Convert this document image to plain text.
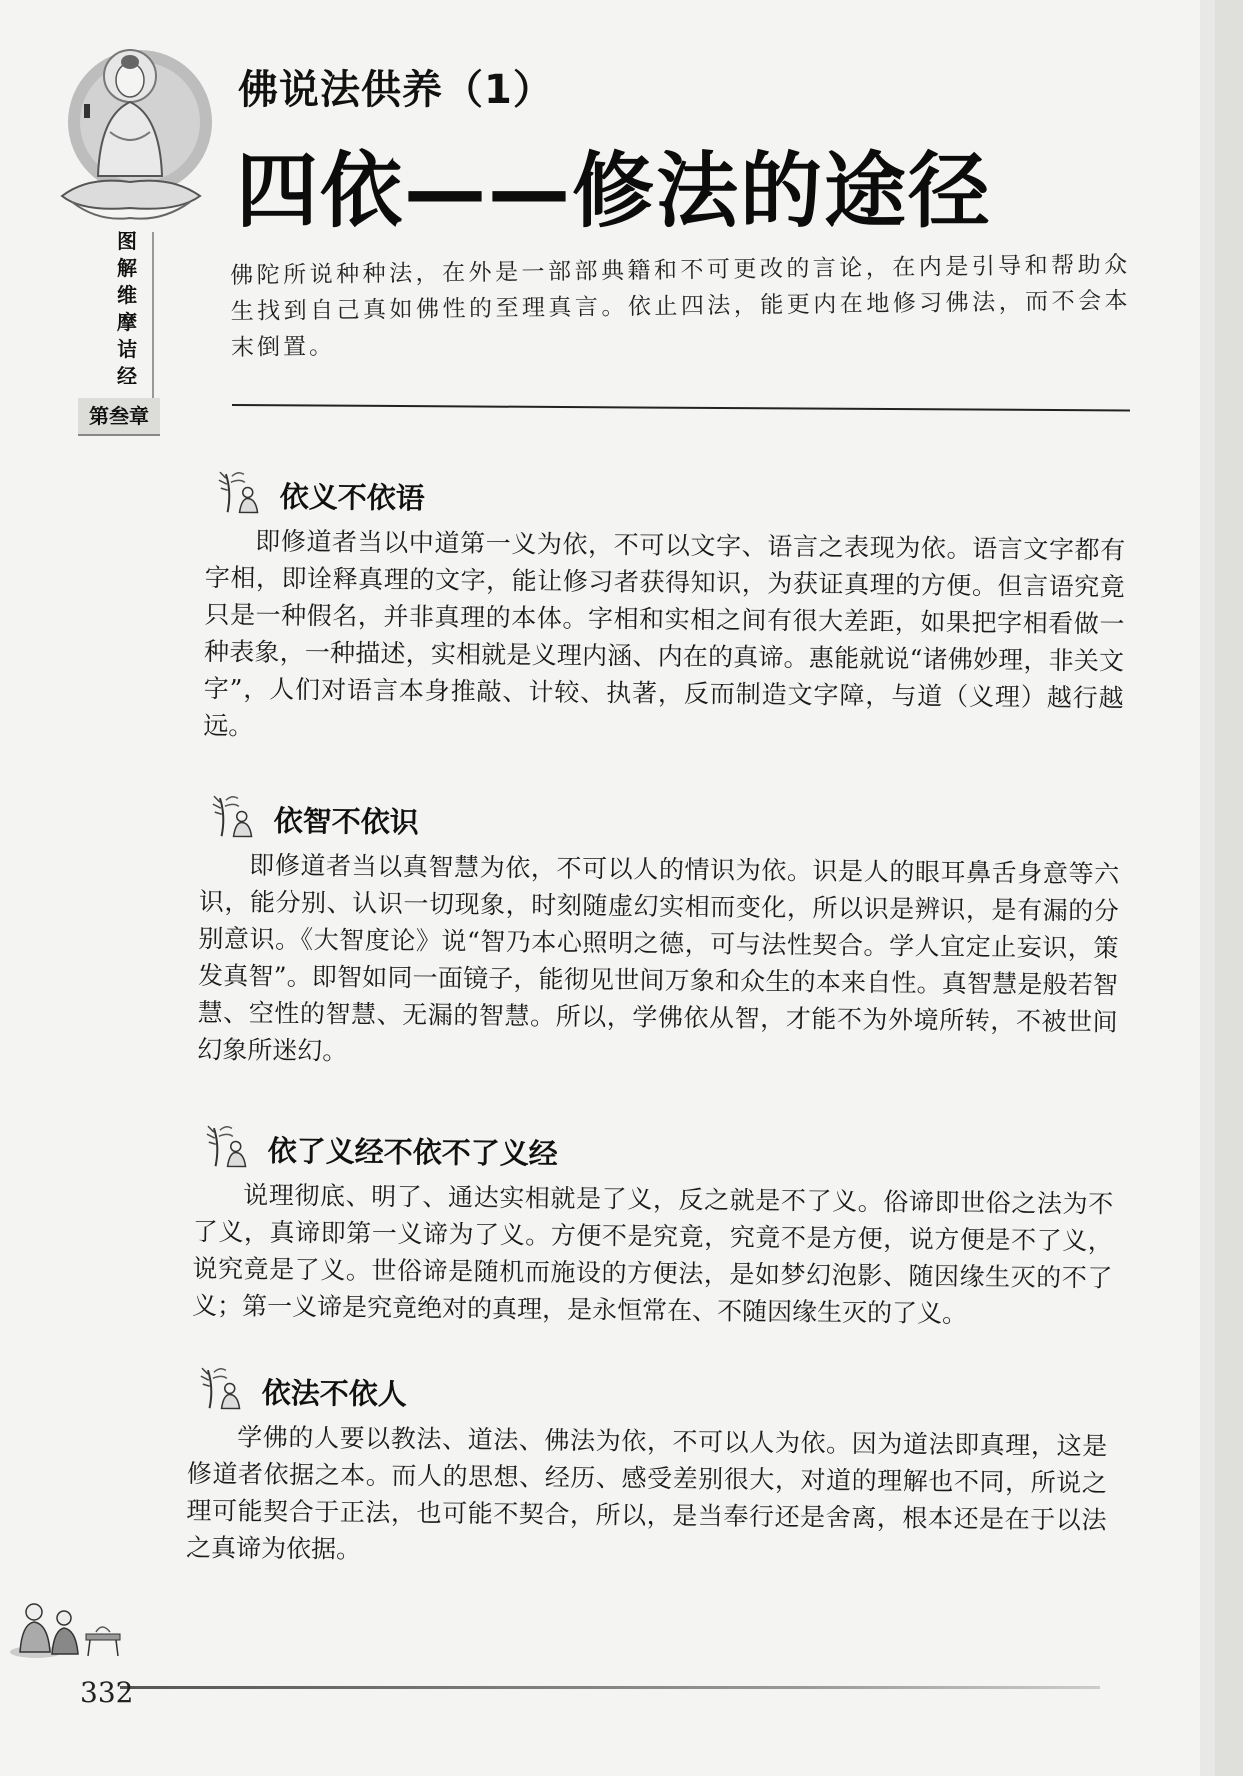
佛说法供养（1）
四依——修法的途径
图解维摩诘经
第叁章
佛陀所说种种法，在外是一部部典籍和不可更改的言论，在内是引导和帮助众生找到自己真如佛性的至理真言。依止四法，能更内在地修习佛法，而不会本末倒置。
依义不依语
即修道者当以中道第一义为依，不可以文字、语言之表现为依。语言文字都有字相，即诠释真理的文字，能让修习者获得知识，为获证真理的方便。但言语究竟只是一种假名，并非真理的本体。字相和实相之间有很大差距，如果把字相看做一种表象，一种描述，实相就是义理内涵、内在的真谛。惠能就说“诸佛妙理，非关文字”，人们对语言本身推敲、计较、执著，反而制造文字障，与道（义理）越行越远。
依智不依识
即修道者当以真智慧为依，不可以人的情识为依。识是人的眼耳鼻舌身意等六识，能分别、认识一切现象，时刻随虚幻实相而变化，所以识是辨识，是有漏的分别意识。《大智度论》说“智乃本心照明之德，可与法性契合。学人宜定止妄识，策发真智”。即智如同一面镜子，能彻见世间万象和众生的本来自性。真智慧是般若智慧、空性的智慧、无漏的智慧。所以，学佛依从智，才能不为外境所转，不被世间幻象所迷幻。
依了义经不依不了义经
说理彻底、明了、通达实相就是了义，反之就是不了义。俗谛即世俗之法为不了义，真谛即第一义谛为了义。方便不是究竟，究竟不是方便，说方便是不了义，说究竟是了义。世俗谛是随机而施设的方便法，是如梦幻泡影、随因缘生灭的不了义；第一义谛是究竟绝对的真理，是永恒常在、不随因缘生灭的了义。
依法不依人
学佛的人要以教法、道法、佛法为依，不可以人为依。因为道法即真理，这是修道者依据之本。而人的思想、经历、感受差别很大，对道的理解也不同，所说之理可能契合于正法，也可能不契合，所以，是当奉行还是舍离，根本还是在于以法之真谛为依据。
332
